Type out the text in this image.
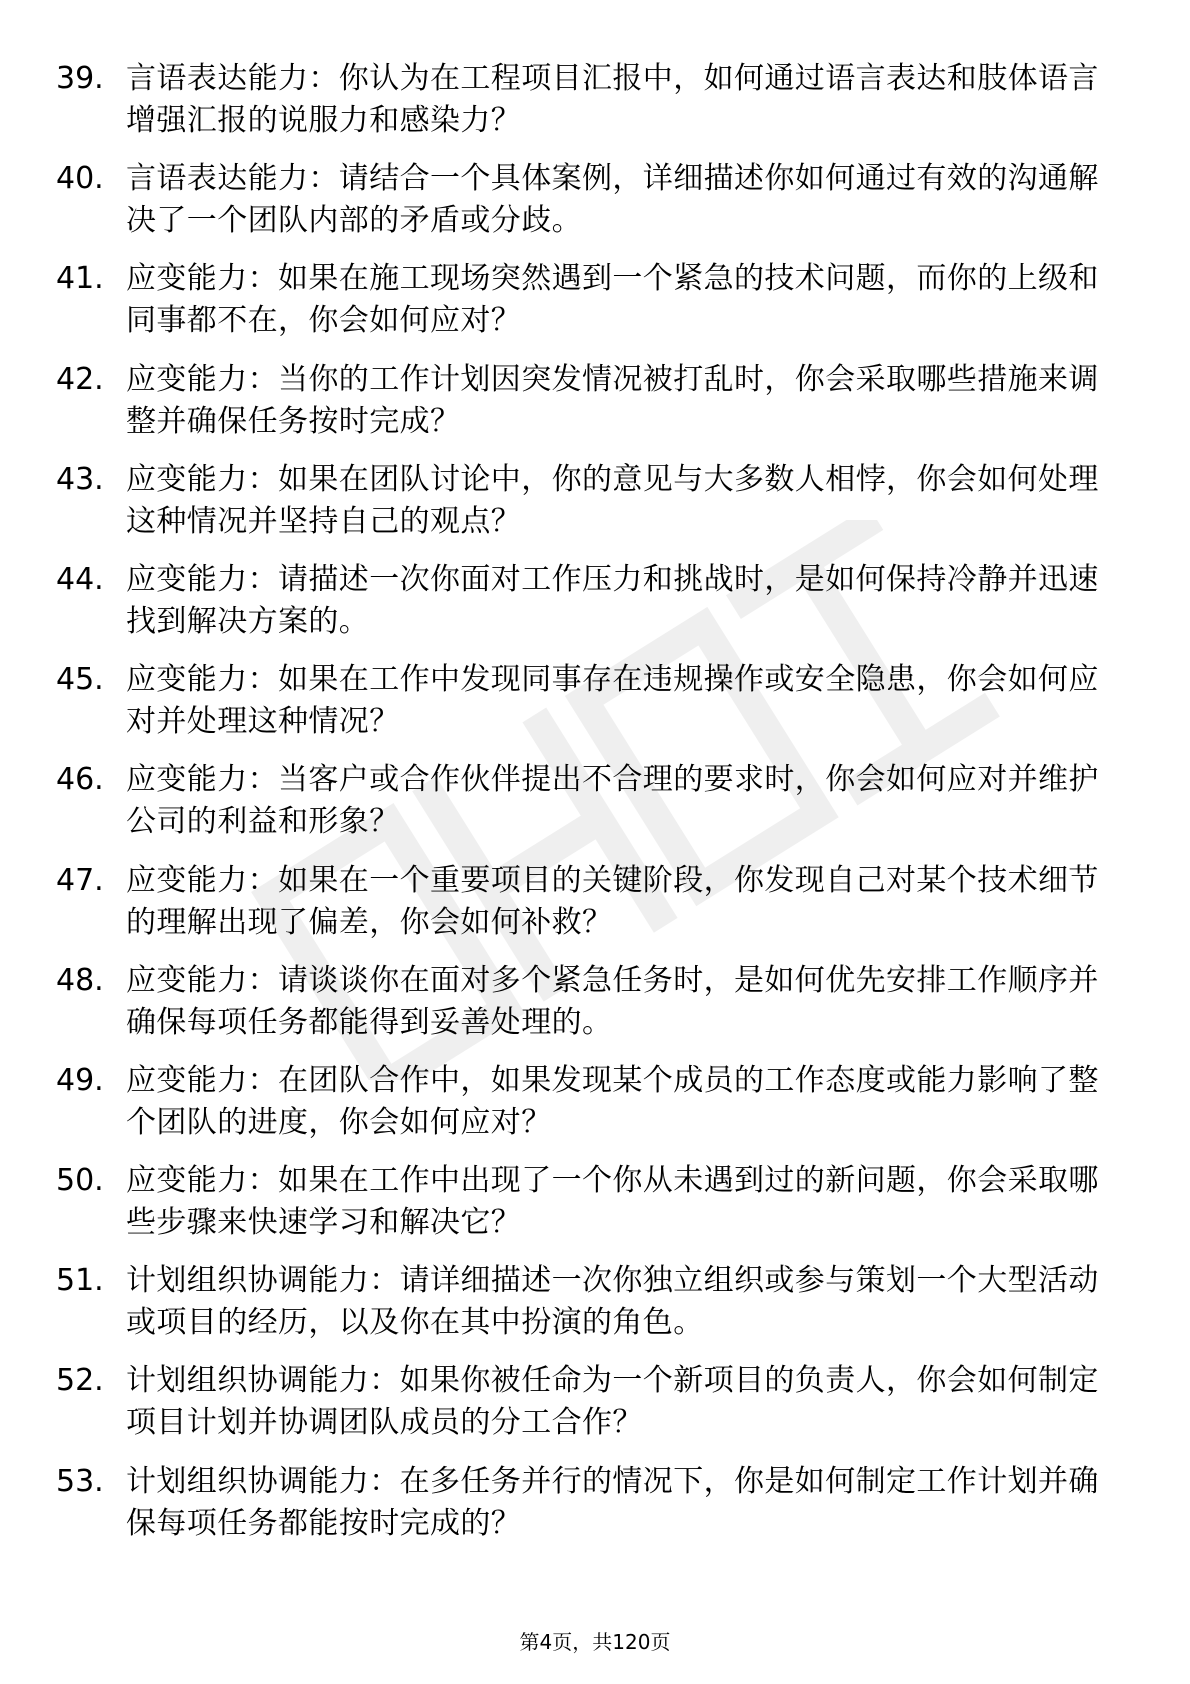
39. 言语表达能力：你认为在工程项目汇报中，如何通过语言表达和肢体语言增强汇报的说服力和感染力？
40. 言语表达能力：请结合一个具体案例，详细描述你如何通过有效的沟通解决了一个团队内部的矛盾或分歧。
41. 应变能力：如果在施工现场突然遇到一个紧急的技术问题，而你的上级和同事都不在，你会如何应对？
42. 应变能力：当你的工作计划因突发情况被打乱时，你会采取哪些措施来调整并确保任务按时完成？
43. 应变能力：如果在团队讨论中，你的意见与大多数人相悖，你会如何处理这种情况并坚持自己的观点？
44. 应变能力：请描述一次你面对工作压力和挑战时，是如何保持冷静并迅速找到解决方案的。
45. 应变能力：如果在工作中发现同事存在违规操作或安全隐患，你会如何应对并处理这种情况？
46. 应变能力：当客户或合作伙伴提出不合理的要求时，你会如何应对并维护公司的利益和形象？
47. 应变能力：如果在一个重要项目的关键阶段，你发现自己对某个技术细节的理解出现了偏差，你会如何补救？
48. 应变能力：请谈谈你在面对多个紧急任务时，是如何优先安排工作顺序并确保每项任务都能得到妥善处理的。
49. 应变能力：在团队合作中，如果发现某个成员的工作态度或能力影响了整个团队的进度，你会如何应对？
50. 应变能力：如果在工作中出现了一个你从未遇到过的新问题，你会采取哪些步骤来快速学习和解决它？
51. 计划组织协调能力：请详细描述一次你独立组织或参与策划一个大型活动或项目的经历，以及你在其中扮演的角色。
52. 计划组织协调能力：如果你被任命为一个新项目的负责人，你会如何制定项目计划并协调团队成员的分工合作？
53. 计划组织协调能力：在多任务并行的情况下，你是如何制定工作计划并确保每项任务都能按时完成的？
第4页，共120页
